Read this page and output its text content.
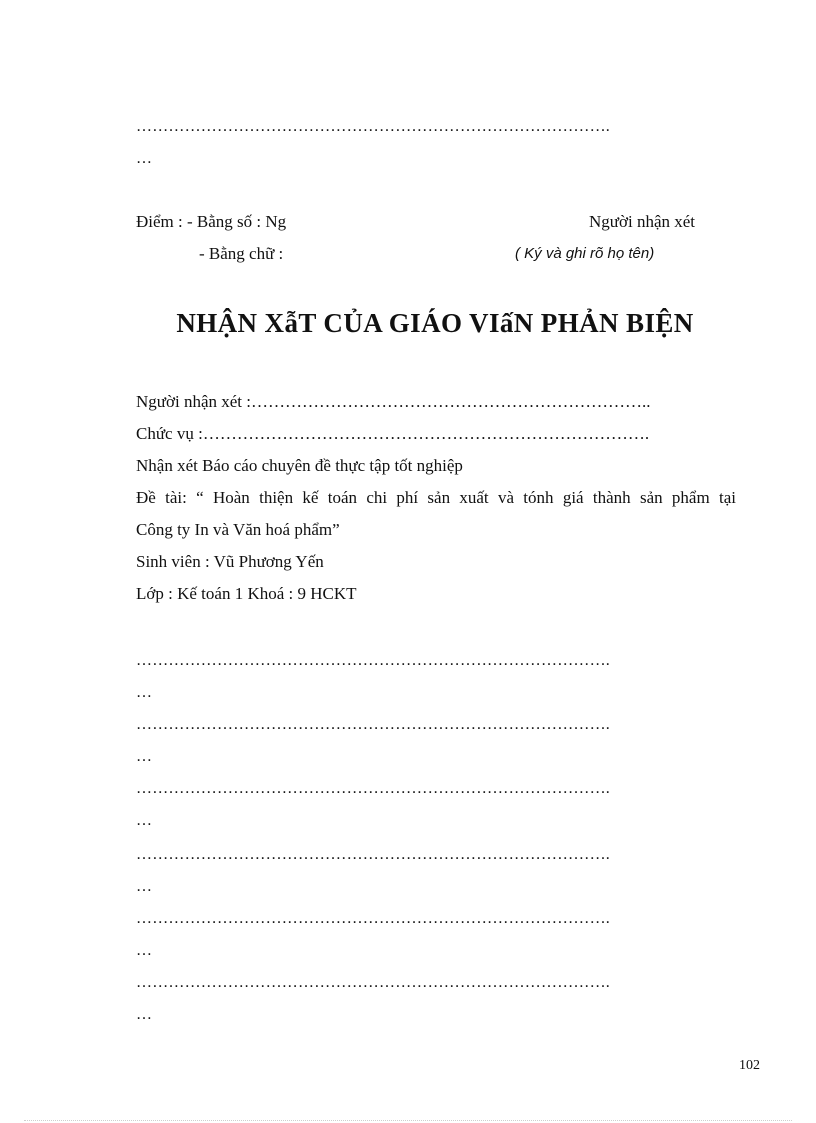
…………………………………………………………………………….
…
Điểm : - Bằng số : Ng	Người nhận xét
- Bằng chữ :	( Ký và ghi rõ họ tên)
NHẬN XẫT CỦA GIÁO VIấN PHẢN BIỆN
Người nhận xét :……………………………………………………………..
Chức vụ :…………………………………………………………………….
Nhận xét Báo cáo chuyên đề thực tập tốt nghiệp
Đề tài: “ Hoàn thiện kế toán chi phí sản xuất và tónh giá thành sản phẩm tại
Công ty In và Văn hoá phẩm”
Sinh viên : Vũ Phương Yến
Lớp : Kế toán 1 Khoá : 9 HCKT
…………………………………………………………………………….
…
…………………………………………………………………………….
…
…………………………………………………………………………….
…
…………………………………………………………………………….
…
…………………………………………………………………………….
…
…………………………………………………………………………….
…
102
